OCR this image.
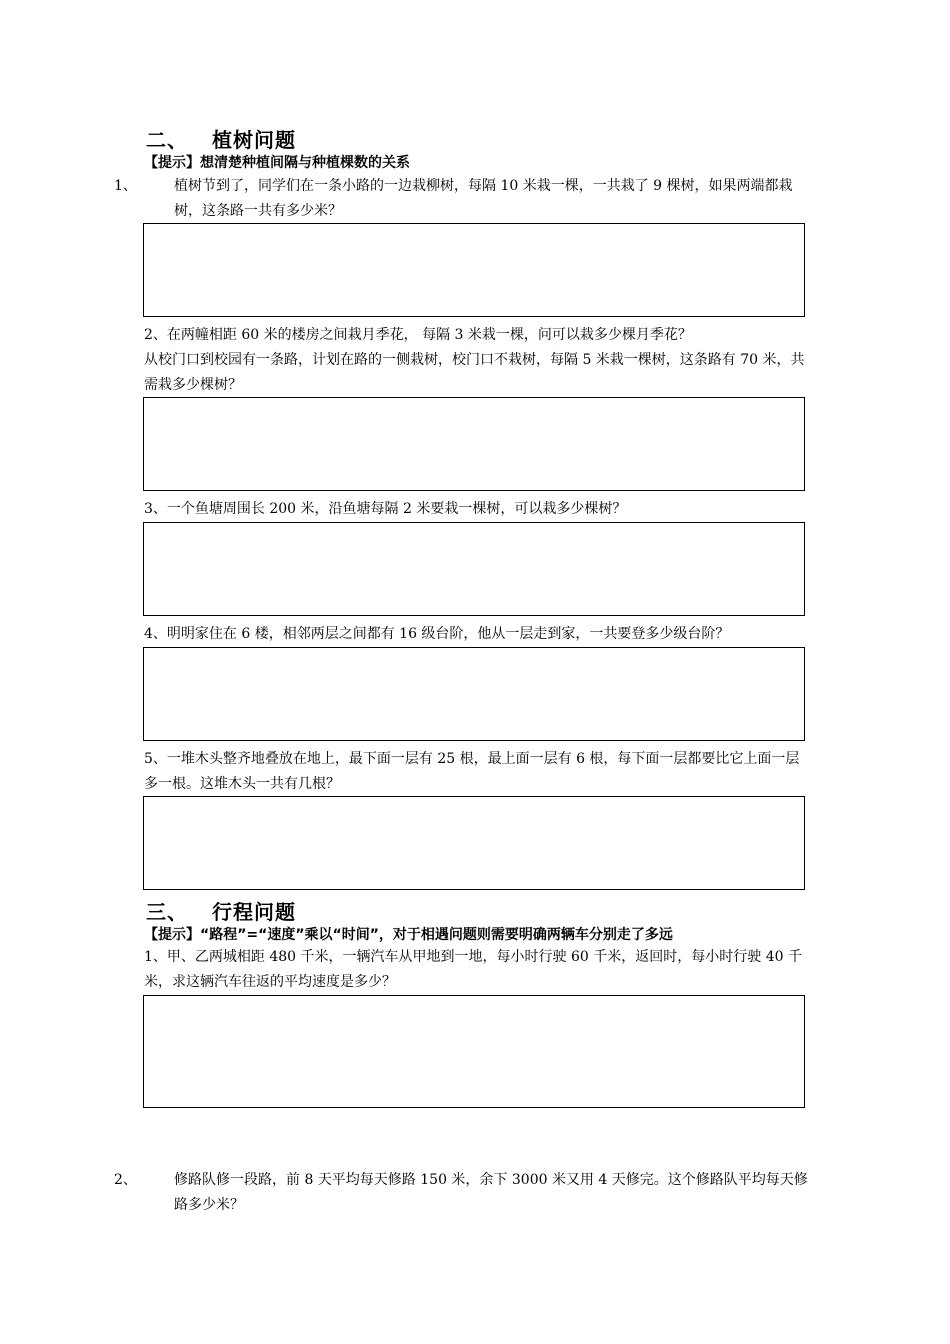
二、 植树问题
【提示】想清楚种植间隔与种植棵数的关系
1、	植树节到了，同学们在一条小路的一边栽柳树，每隔 10 米栽一棵，一共栽了 9 棵树，如果两端都栽树，这条路一共有多少米？
2、在两幢相距 60 米的楼房之间栽月季花， 每隔 3 米栽一棵，问可以栽多少棵月季花？
从校门口到校园有一条路，计划在路的一侧栽树，校门口不栽树，每隔 5 米栽一棵树，这条路有 70 米，共需栽多少棵树？
3、一个鱼塘周围长 200 米，沿鱼塘每隔 2 米要栽一棵树，可以栽多少棵树？
4、明明家住在 6 楼，相邻两层之间都有 16 级台阶，他从一层走到家，一共要登多少级台阶？
5、一堆木头整齐地叠放在地上，最下面一层有 25 根，最上面一层有 6 根，每下面一层都要比它上面一层多一根。这堆木头一共有几根？
三、 行程问题
【提示】“路程”=“速度”乘以“时间”，对于相遇问题则需要明确两辆车分别走了多远
1、甲、乙两城相距 480 千米，一辆汽车从甲地到一地，每小时行驶 60 千米，返回时，每小时行驶 40 千米，求这辆汽车往返的平均速度是多少？
2、	修路队修一段路，前 8 天平均每天修路 150 米，余下 3000 米又用 4 天修完。这个修路队平均每天修路多少米？
